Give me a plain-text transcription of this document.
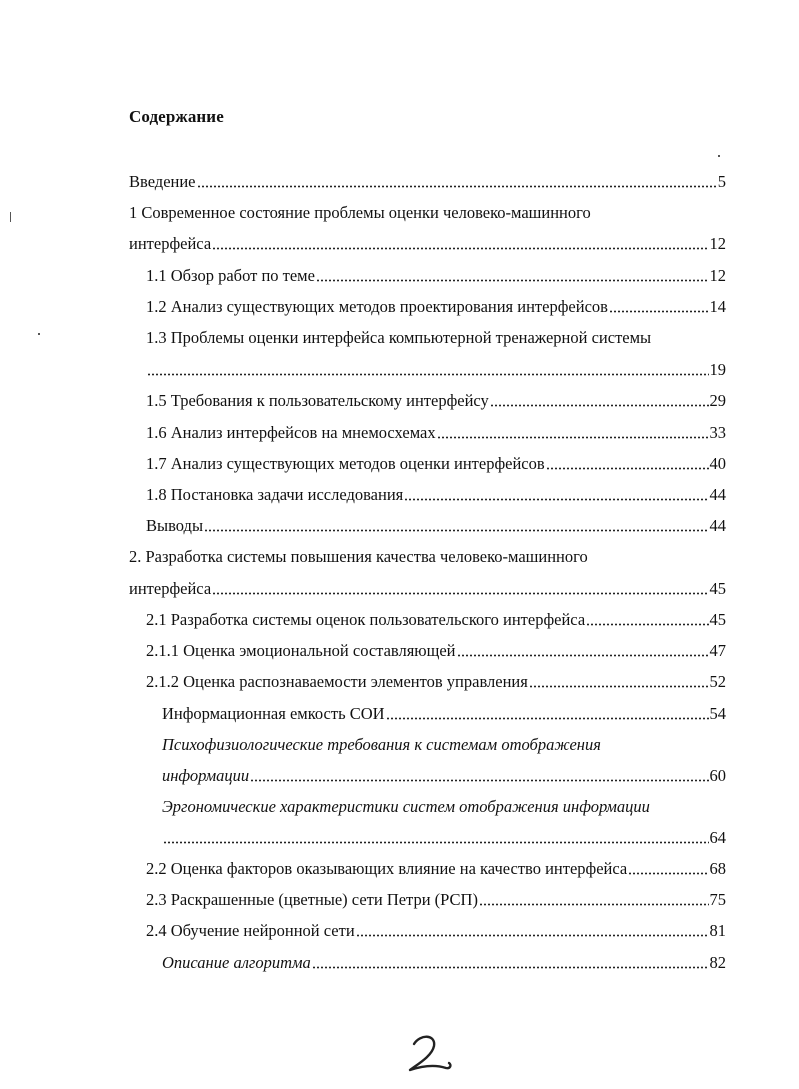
Содержание
Введение	5
1 Современное состояние проблемы оценки человеко-машинного
интерфейса	12
1.1 Обзор работ по теме	12
1.2 Анализ существующих методов проектирования интерфейсов	14
1.3 Проблемы оценки интерфейса компьютерной тренажерной системы
19
1.5 Требования к пользовательскому интерфейсу	29
1.6 Анализ интерфейсов на мнемосхемах	33
1.7 Анализ существующих методов оценки интерфейсов	40
1.8 Постановка задачи исследования	44
Выводы	44
2. Разработка системы повышения качества человеко-машинного
интерфейса	45
2.1 Разработка системы оценок пользовательского интерфейса	45
2.1.1 Оценка эмоциональной составляющей	47
2.1.2 Оценка распознаваемости элементов управления	52
Информационная емкость СОИ	54
Психофизиологические требования к системам отображения
информации	60
Эргономические характеристики систем отображения информации
64
2.2 Оценка факторов оказывающих влияние на качество интерфейса	68
2.3 Раскрашенные (цветные) сети Петри (РСП)	75
2.4 Обучение нейронной сети	81
Описание алгоритма	82
